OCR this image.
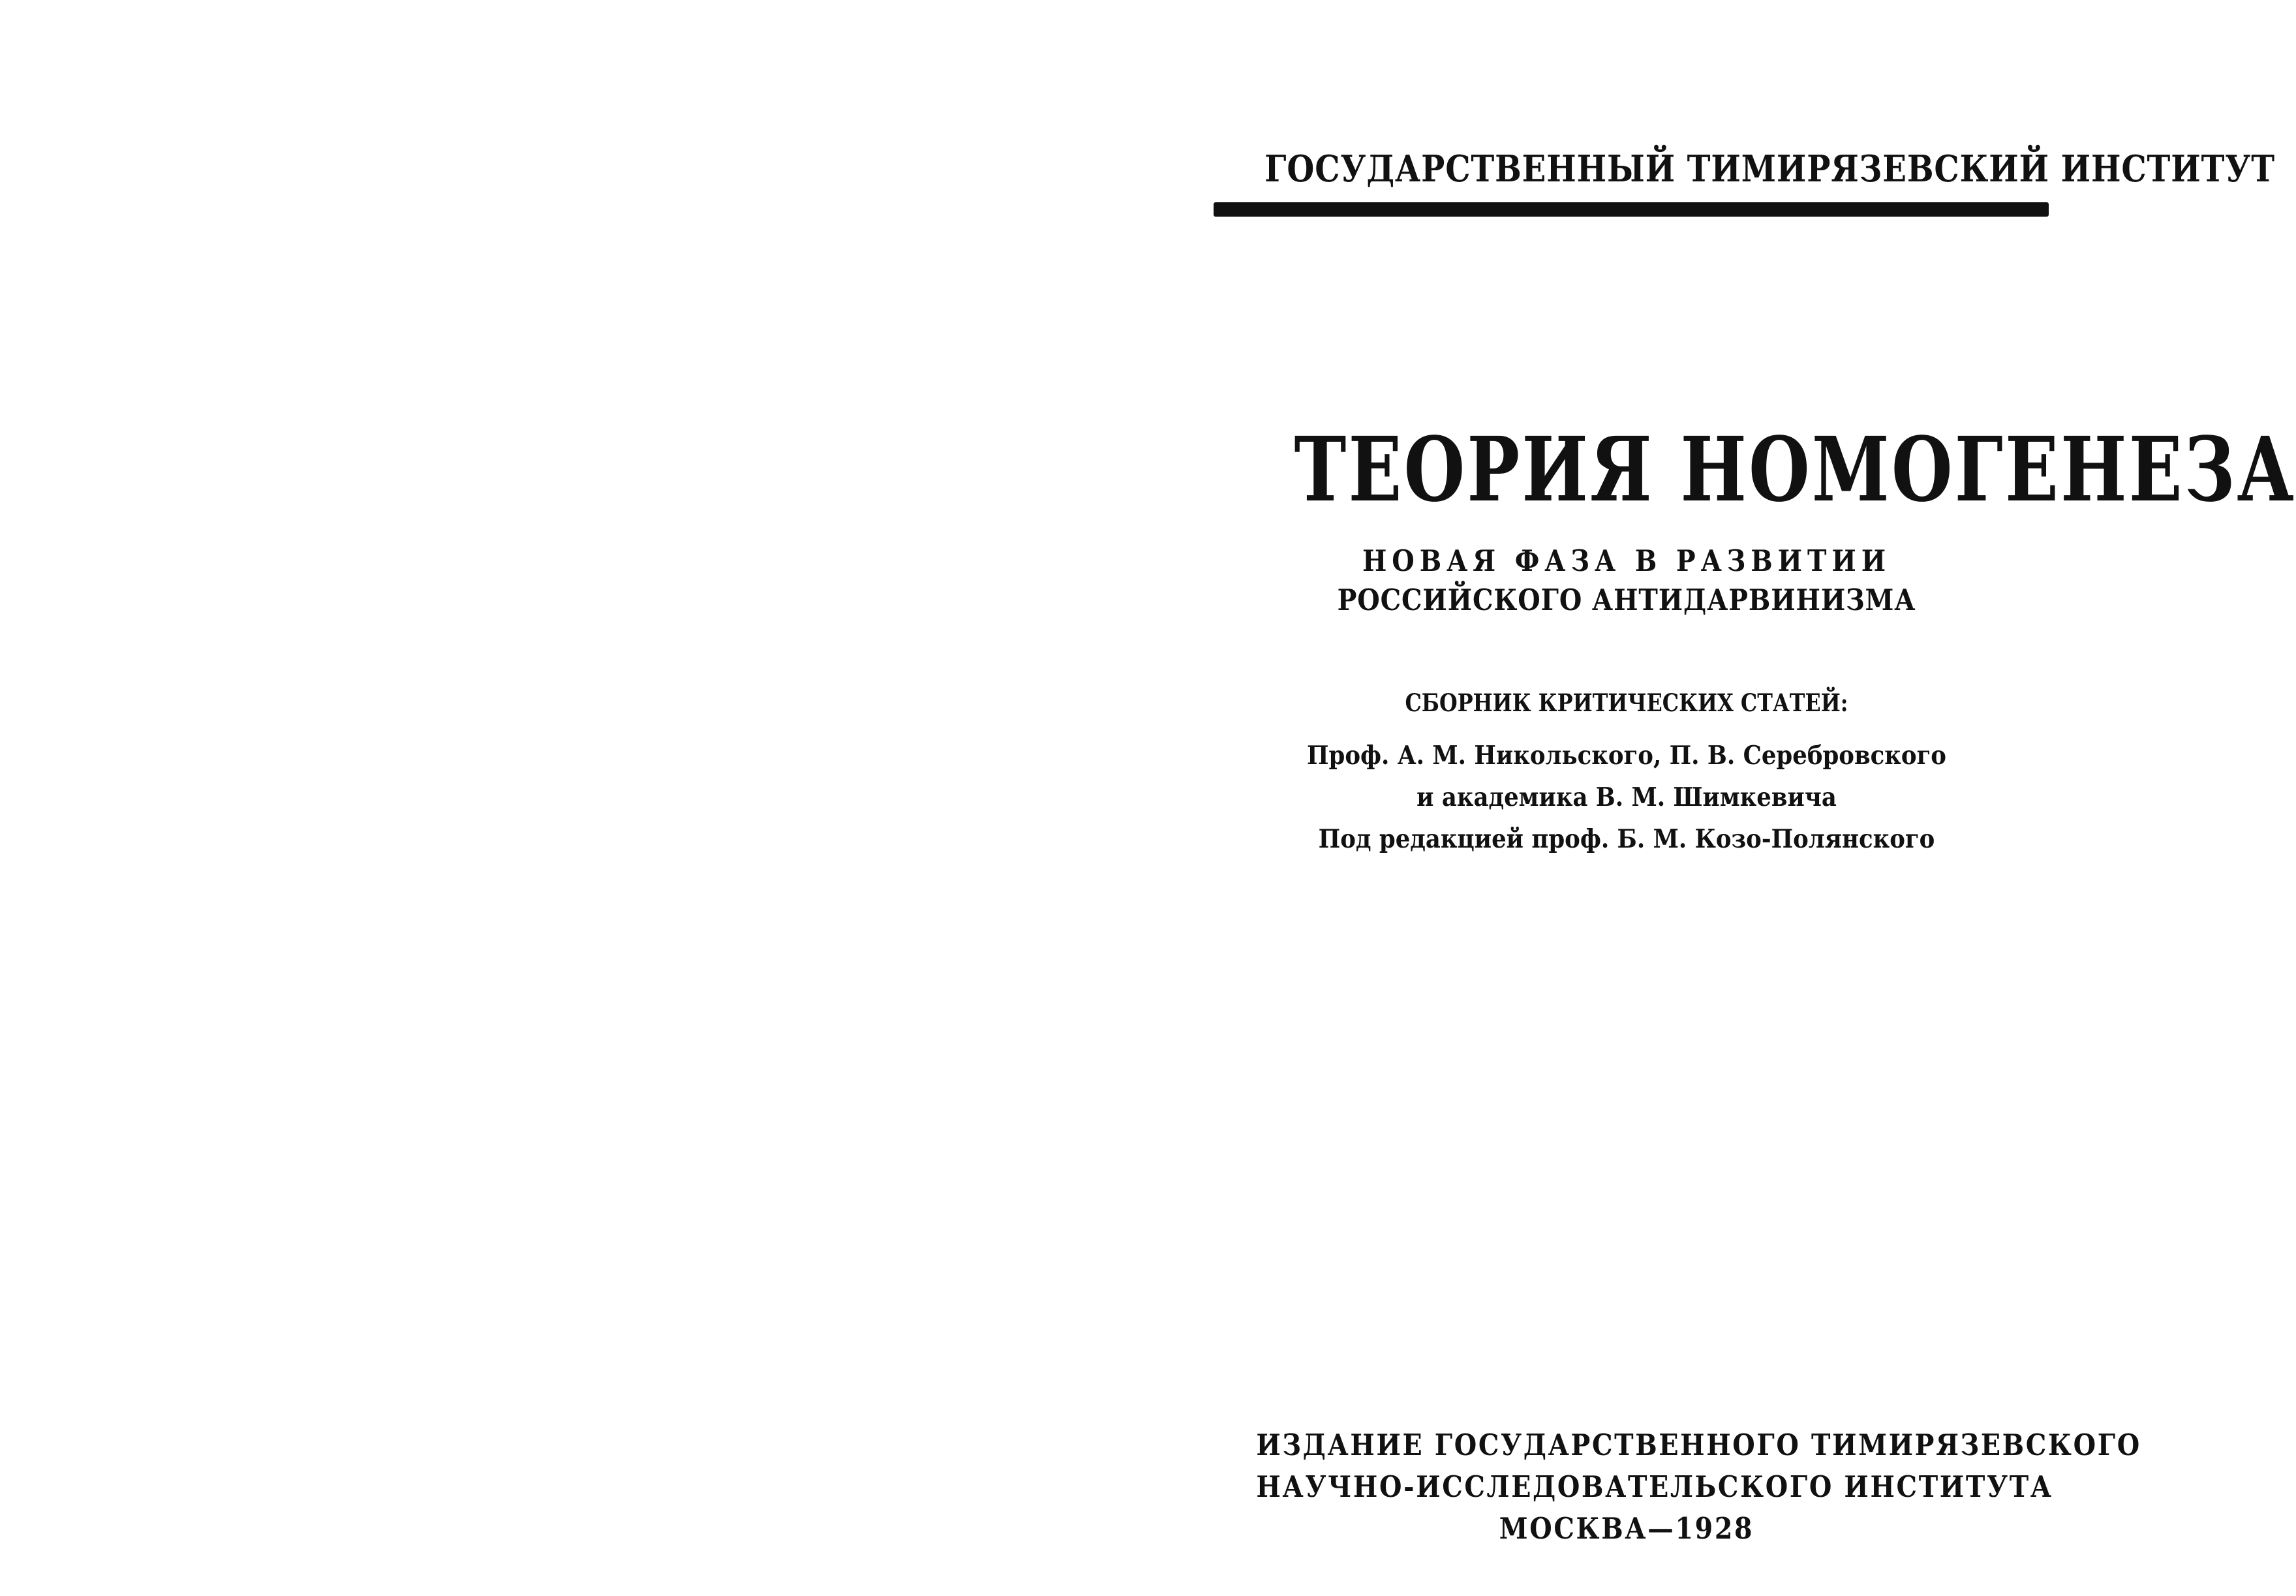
ГОСУДАРСТВЕННЫЙ ТИМИРЯЗЕВСКИЙ ИНСТИТУТ
ТЕОРИЯ НОМОГЕНЕЗА
НОВАЯ ФАЗА В РАЗВИТИИ
РОССИЙСКОГО АНТИДАРВИНИЗМА
СБОРНИК КРИТИЧЕСКИХ СТАТЕЙ:
Проф. А. М. Никольского, П. В. Серебровского
и академика В. М. Шимкевича
Под редакцией проф. Б. М. Козо-Полянского
ИЗДАНИЕ ГОСУДАРСТВЕННОГО ТИМИРЯЗЕВСКОГО
НАУЧНО-ИССЛЕДОВАТЕЛЬСКОГО ИНСТИТУТА
МОСКВА—1928
